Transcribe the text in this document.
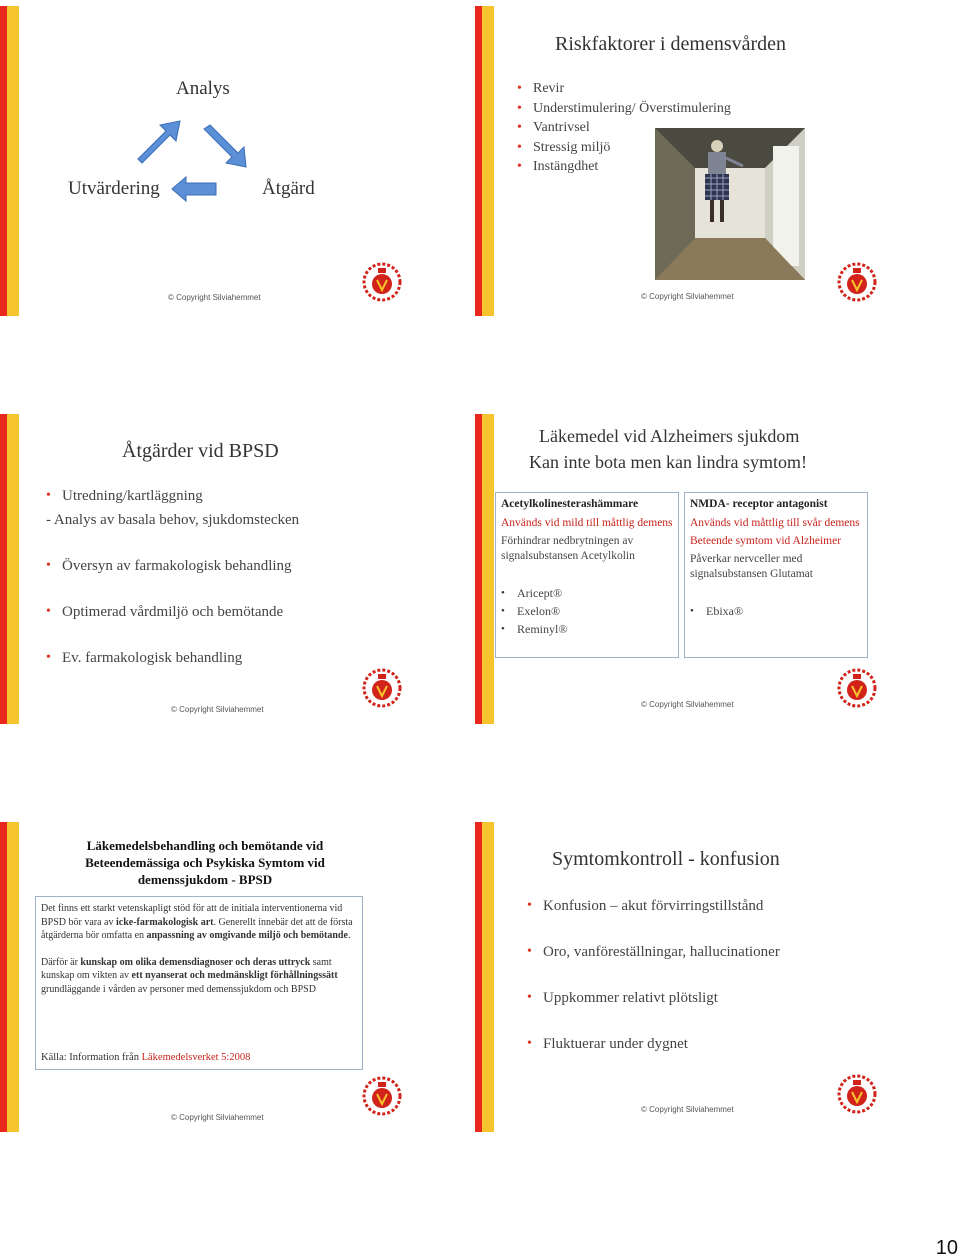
Analys
Utvärdering	Åtgärd
© Copyright Silviahemmet
Riskfaktorer i demensvården
• Revir
• Understimulering/ Överstimulering
• Vantrivsel
• Stressig miljö
• Instängdhet
© Copyright Silviahemmet
Åtgärder vid BPSD
• Utredning/kartläggning
- Analys av basala behov, sjukdomstecken
• Översyn av farmakologisk behandling
• Optimerad vårdmiljö och bemötande
• Ev. farmakologisk behandling
© Copyright Silviahemmet
Läkemedel vid Alzheimers sjukdom
Kan inte bota men kan lindra symtom!
Acetylkolinesterashämmare
Används vid mild till måttlig demens
Förhindrar nedbrytningen av signalsubstansen Acetylkolin
• Aricept®
• Exelon®
• Reminyl®
NMDA- receptor antagonist
Används vid måttlig till svår demens
Beteende symtom vid Alzheimer
Påverkar nervceller med signalsubstansen Glutamat
• Ebixa®
© Copyright Silviahemmet
Läkemedelsbehandling och bemötande vid Beteendemässiga och Psykiska Symtom vid demenssjukdom - BPSD
Det finns ett starkt vetenskapligt stöd för att de initiala interventionerna vid BPSD bör vara av icke-farmakologisk art. Generellt innebär det att de första åtgärderna bör omfatta en anpassning av omgivande miljö och bemötande.
Därför är kunskap om olika demensdiagnoser och deras uttryck samt kunskap om vikten av ett nyanserat och medmänskligt förhållningssätt grundläggande i vården av personer med demenssjukdom och BPSD
Källa: Information från Läkemedelsverket 5:2008
© Copyright Silviahemmet
Symtomkontroll - konfusion
• Konfusion – akut förvirringstillstånd
• Oro, vanföreställningar, hallucinationer
• Uppkommer relativt plötsligt
• Fluktuerar under dygnet
© Copyright Silviahemmet
10
